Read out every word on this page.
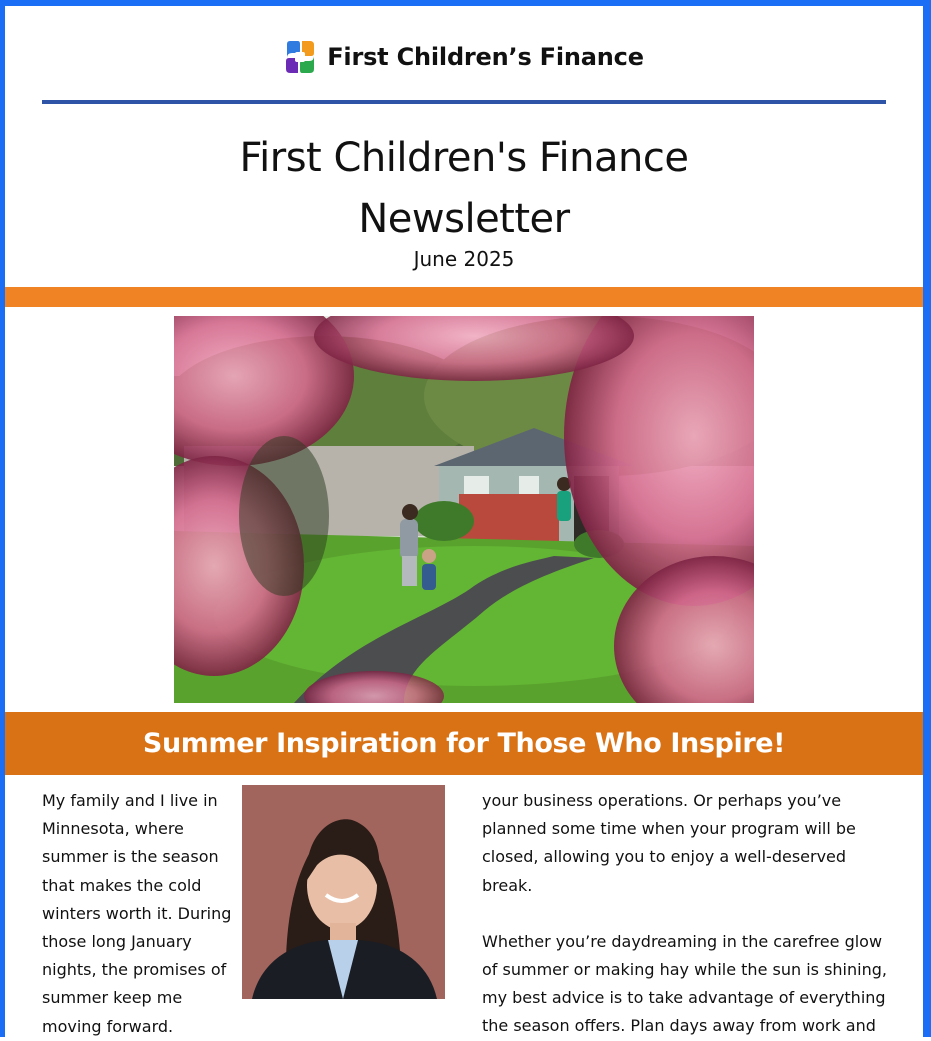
First Children’s Finance
First Children's Finance
Newsletter
June 2025
Summer Inspiration for Those Who Inspire!

My family and I live in Minnesota, where summer is the season that makes the cold winters worth it. During those long January nights, the promises of summer keep me moving forward.

your business operations. Or perhaps you’ve planned some time when your program will be closed, allowing you to enjoy a well-deserved break.

Whether you’re daydreaming in the carefree glow of summer or making hay while the sun is shining, my best advice is to take advantage of everything the season offers. Plan days away from work and
